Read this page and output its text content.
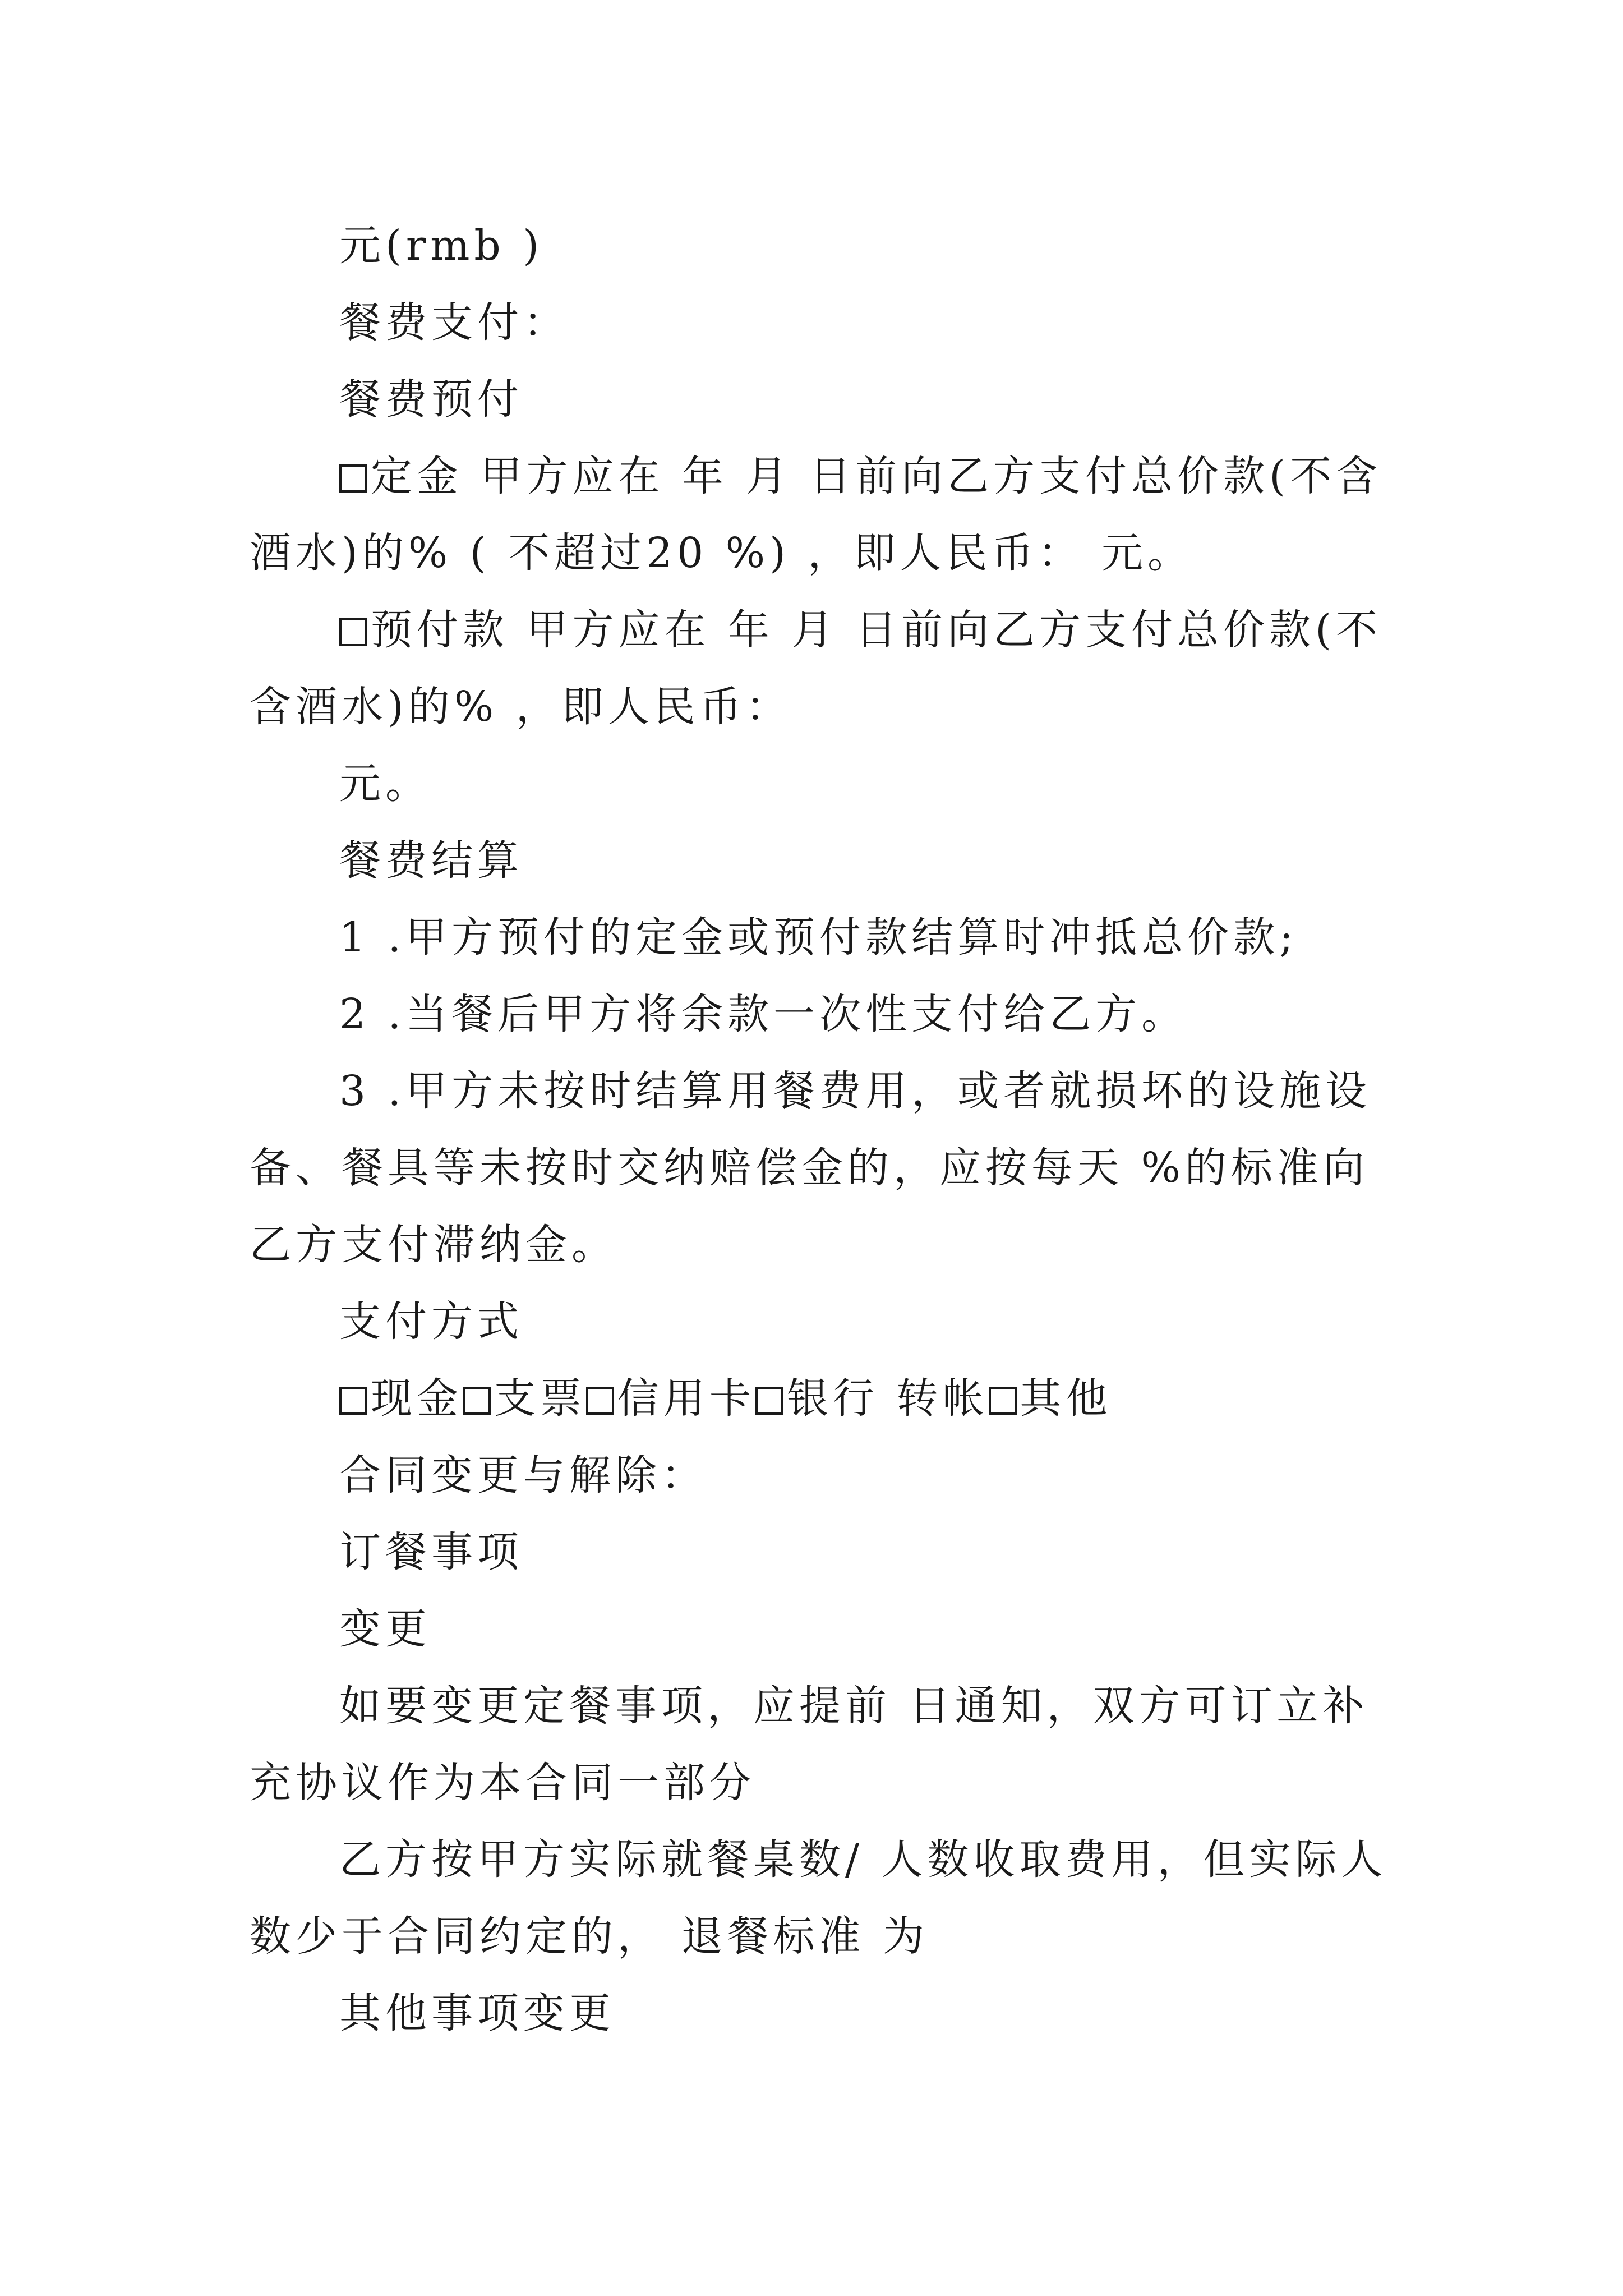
元(rmb )

餐费支付：

餐费预付

定金 甲方应在 年 月 日前向乙方支付总价款(不含酒水)的% ( 不超过20 %) ，即人民币： 元。

预付款 甲方应在 年 月 日前向乙方支付总价款(不含酒水)的% ，即人民币：

元。

餐费结算

1 .甲方预付的定金或预付款结算时冲抵总价款;

2 .当餐后甲方将余款一次性支付给乙方。

3 .甲方未按时结算用餐费用，或者就损坏的设施设备、餐具等未按时交纳赔偿金的，应按每天 %的标准向乙方支付滞纳金。

支付方式

现金 支票 信用卡 银行 转帐 其他

合同变更与解除：

订餐事项

变更

如要变更定餐事项，应提前 日通知，双方可订立补充协议作为本合同一部分

乙方按甲方实际就餐桌数/ 人数收取费用，但实际人数少于合同约定的， 退餐标准 为

其他事项变更
